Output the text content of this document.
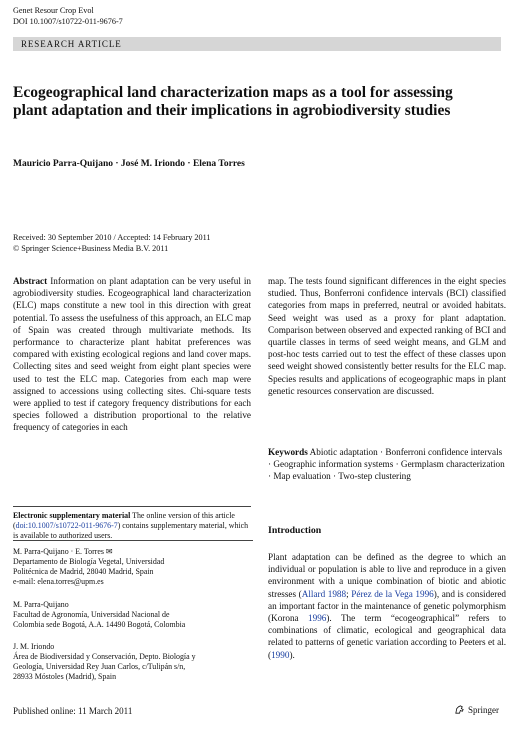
Genet Resour Crop Evol
DOI 10.1007/s10722-011-9676-7
RESEARCH ARTICLE
Ecogeographical land characterization maps as a tool for assessing plant adaptation and their implications in agrobiodiversity studies
Mauricio Parra-Quijano · José M. Iriondo · Elena Torres
Received: 30 September 2010 / Accepted: 14 February 2011
© Springer Science+Business Media B.V. 2011
Abstract Information on plant adaptation can be very useful in agrobiodiversity studies. Ecogeographical land characterization (ELC) maps constitute a new tool in this direction with great potential. To assess the usefulness of this approach, an ELC map of Spain was created through multivariate methods. Its performance to characterize plant habitat preferences was compared with existing ecological regions and land cover maps. Collecting sites and seed weight from eight plant species were used to test the ELC map. Categories from each map were assigned to accessions using collecting sites. Chi-square tests were applied to test if category frequency distributions for each species followed a distribution proportional to the relative frequency of categories in each
map. The tests found significant differences in the eight species studied. Thus, Bonferroni confidence intervals (BCI) classified categories from maps in preferred, neutral or avoided habitats. Seed weight was used as a proxy for plant adaptation. Comparison between observed and expected ranking of BCI and quartile classes in terms of seed weight means, and GLM and post-hoc tests carried out to test the effect of these classes upon seed weight showed consistently better results for the ELC map. Species results and applications of ecogeographic maps in plant genetic resources conservation are discussed.
Keywords Abiotic adaptation · Bonferroni confidence intervals · Geographic information systems · Germplasm characterization · Map evaluation · Two-step clustering
Electronic supplementary material The online version of this article (doi:10.1007/s10722-011-9676-7) contains supplementary material, which is available to authorized users.
M. Parra-Quijano · E. Torres ✉
Departamento de Biología Vegetal, Universidad
Politécnica de Madrid, 28040 Madrid, Spain
e-mail: elena.torres@upm.es
M. Parra-Quijano
Facultad de Agronomía, Universidad Nacional de
Colombia sede Bogotá, A.A. 14490 Bogotá, Colombia
J. M. Iriondo
Área de Biodiversidad y Conservación, Depto. Biología y
Geología, Universidad Rey Juan Carlos, c/Tulipán s/n,
28933 Móstoles (Madrid), Spain
Introduction
Plant adaptation can be defined as the degree to which an individual or population is able to live and reproduce in a given environment with a unique combination of biotic and abiotic stresses (Allard 1988; Pérez de la Vega 1996), and is considered an important factor in the maintenance of genetic polymorphism (Korona 1996). The term “ecogeographical” refers to combinations of climatic, ecological and geographical data related to patterns of genetic variation according to Peeters et al. (1990).
Published online: 11 March 2011	Springer
